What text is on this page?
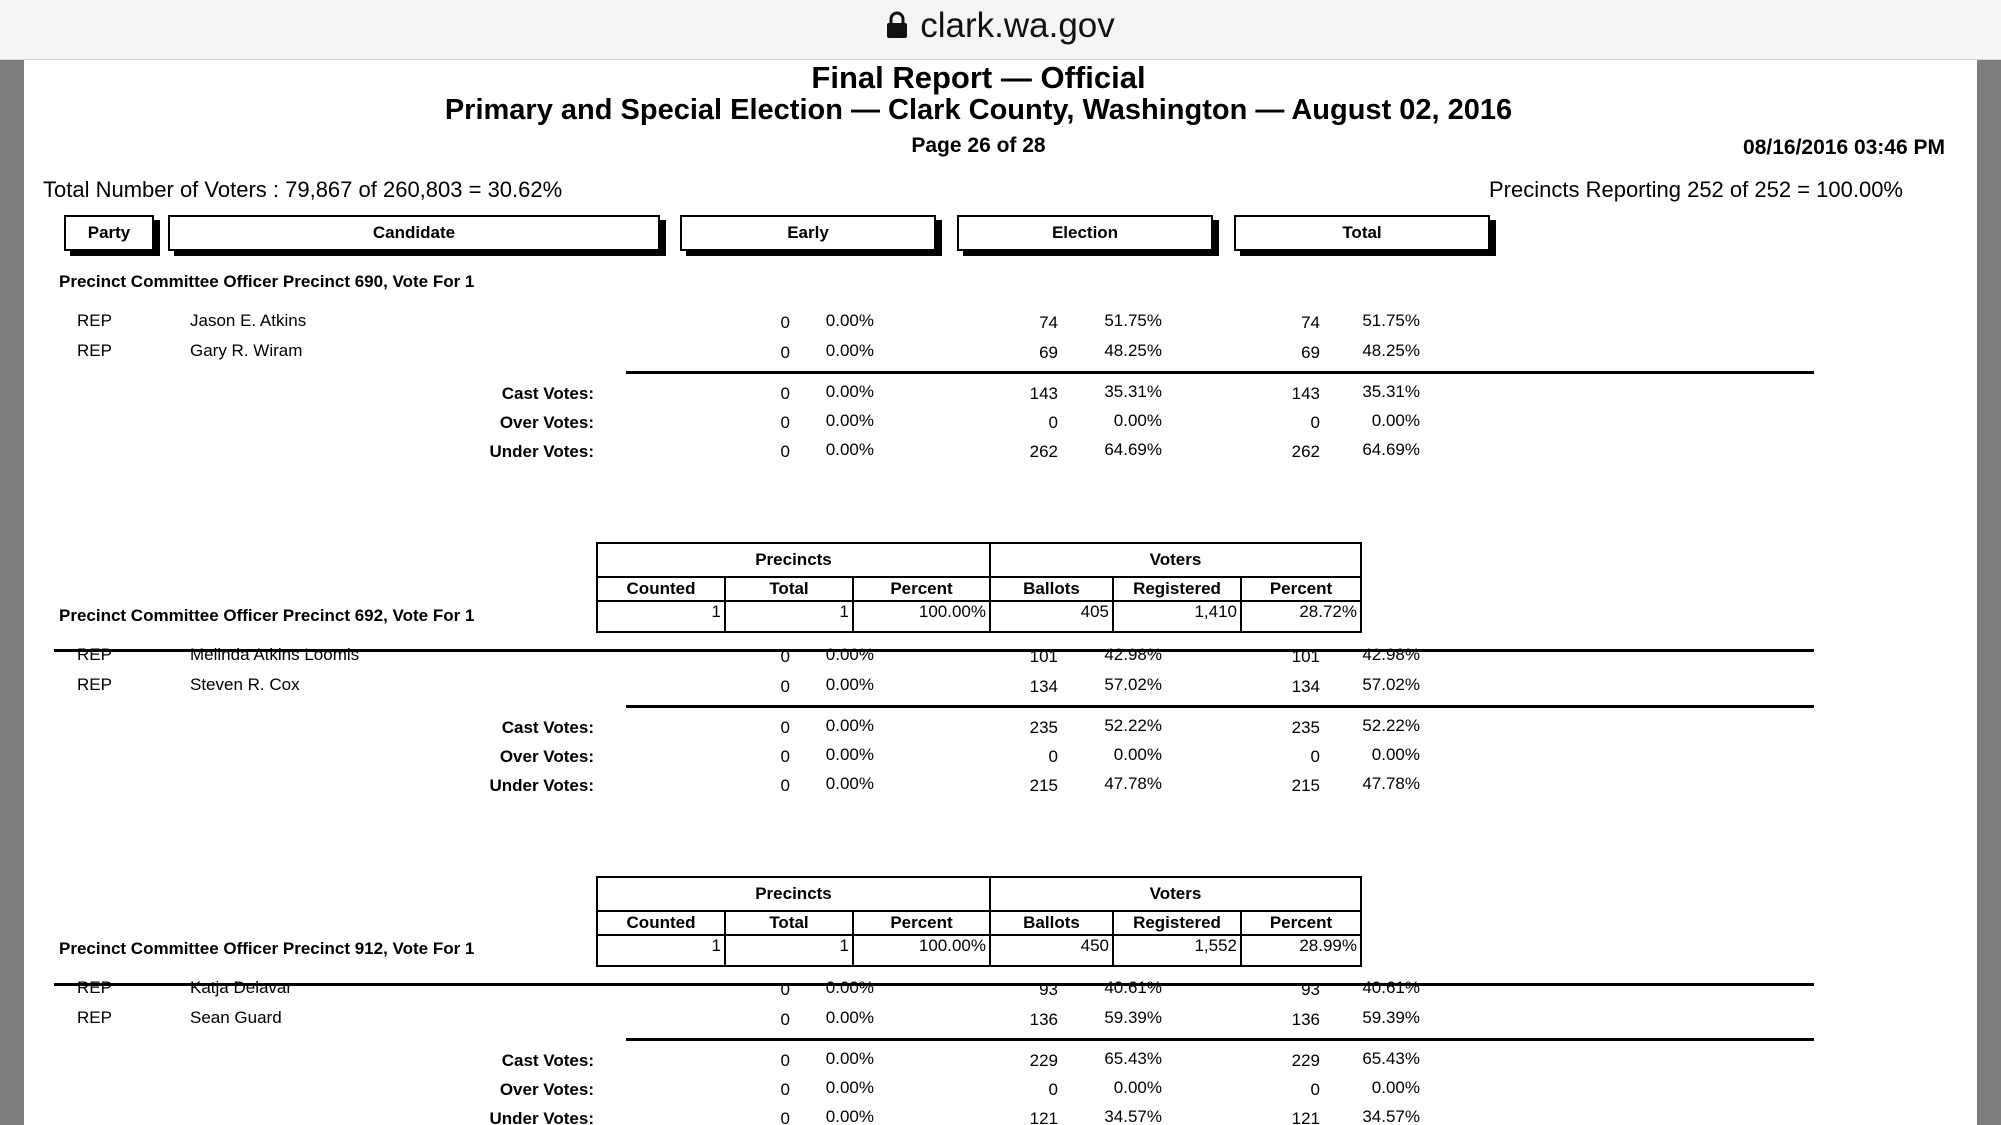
clark.wa.gov
Final Report — Official
Primary and Special Election — Clark County, Washington — August 02, 2016
Page 26 of 28	08/16/2016 03:46 PM
Total Number of Voters : 79,867 of 260,803 = 30.62%	Precincts Reporting 252 of 252 = 100.00%
Party	Candidate	Early	Election	Total
Precinct Committee Officer Precinct 690, Vote For 1
REP	Jason E. Atkins	0	0.00%	74	51.75%	74	51.75%
REP	Gary R. Wiram	0	0.00%	69	48.25%	69	48.25%
Cast Votes:	0	0.00%	143	35.31%	143	35.31%
Over Votes:	0	0.00%	0	0.00%	0	0.00%
Under Votes:	0	0.00%	262	64.69%	262	64.69%
Precincts			Voters		
Counted	Total	Percent	Ballots	Registered	Percent
1	1	100.00%	405	1,410	28.72%
Precinct Committee Officer Precinct 692, Vote For 1
REP	Melinda Atkins Loomis	0	0.00%	101	42.98%	101	42.98%
REP	Steven R. Cox	0	0.00%	134	57.02%	134	57.02%
Cast Votes:	0	0.00%	235	52.22%	235	52.22%
Over Votes:	0	0.00%	0	0.00%	0	0.00%
Under Votes:	0	0.00%	215	47.78%	215	47.78%
Precincts			Voters		
Counted	Total	Percent	Ballots	Registered	Percent
1	1	100.00%	450	1,552	28.99%
Precinct Committee Officer Precinct 912, Vote For 1
REP	Katja Delavar	0	0.00%	93	40.61%	93	40.61%
REP	Sean Guard	0	0.00%	136	59.39%	136	59.39%
Cast Votes:	0	0.00%	229	65.43%	229	65.43%
Over Votes:	0	0.00%	0	0.00%	0	0.00%
Under Votes:	0	0.00%	121	34.57%	121	34.57%
